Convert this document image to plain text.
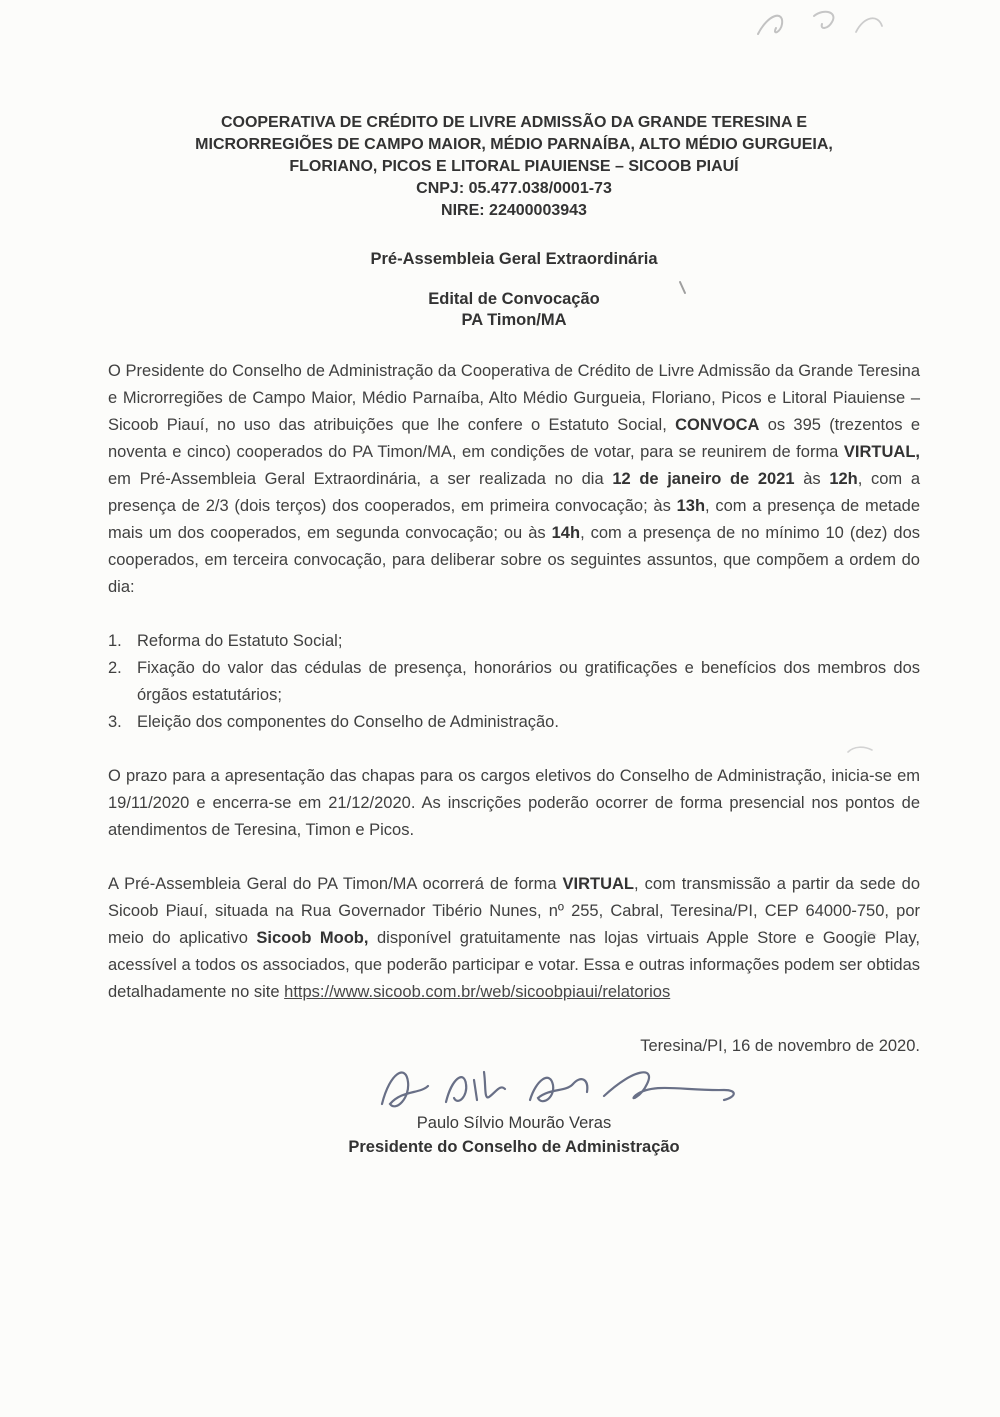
COOPERATIVA DE CRÉDITO DE LIVRE ADMISSÃO DA GRANDE TERESINA E
MICRORREGIÕES DE CAMPO MAIOR, MÉDIO PARNAÍBA, ALTO MÉDIO GURGUEIA,
FLORIANO, PICOS E LITORAL PIAUIENSE – SICOOB PIAUÍ
CNPJ: 05.477.038/0001-73
NIRE: 22400003943
Pré-Assembleia Geral Extraordinária
Edital de Convocação
PA Timon/MA

O Presidente do Conselho de Administração da Cooperativa de Crédito de Livre Admissão da Grande Teresina e Microrregiões de Campo Maior, Médio Parnaíba, Alto Médio Gurgueia, Floriano, Picos e Litoral Piauiense – Sicoob Piauí, no uso das atribuições que lhe confere o Estatuto Social, CONVOCA os 395 (trezentos e noventa e cinco) cooperados do PA Timon/MA, em condições de votar, para se reunirem de forma VIRTUAL, em Pré-Assembleia Geral Extraordinária, a ser realizada no dia 12 de janeiro de 2021 às 12h, com a presença de 2/3 (dois terços) dos cooperados, em primeira convocação; às 13h, com a presença de metade mais um dos cooperados, em segunda convocação; ou às 14h, com a presença de no mínimo 10 (dez) dos cooperados, em terceira convocação, para deliberar sobre os seguintes assuntos, que compõem a ordem do dia:

1. Reforma do Estatuto Social;
2. Fixação do valor das cédulas de presença, honorários ou gratificações e benefícios dos membros dos órgãos estatutários;
3. Eleição dos componentes do Conselho de Administração.

O prazo para a apresentação das chapas para os cargos eletivos do Conselho de Administração, inicia-se em 19/11/2020 e encerra-se em 21/12/2020. As inscrições poderão ocorrer de forma presencial nos pontos de atendimentos de Teresina, Timon e Picos.

A Pré-Assembleia Geral do PA Timon/MA ocorrerá de forma VIRTUAL, com transmissão a partir da sede do Sicoob Piauí, situada na Rua Governador Tibério Nunes, nº 255, Cabral, Teresina/PI, CEP 64000-750, por meio do aplicativo Sicoob Moob, disponível gratuitamente nas lojas virtuais Apple Store e Google Play, acessível a todos os associados, que poderão participar e votar. Essa e outras informações podem ser obtidas detalhadamente no site https://www.sicoob.com.br/web/sicoobpiaui/relatorios

Teresina/PI, 16 de novembro de 2020.
Paulo Sílvio Mourão Veras
Presidente do Conselho de Administração
